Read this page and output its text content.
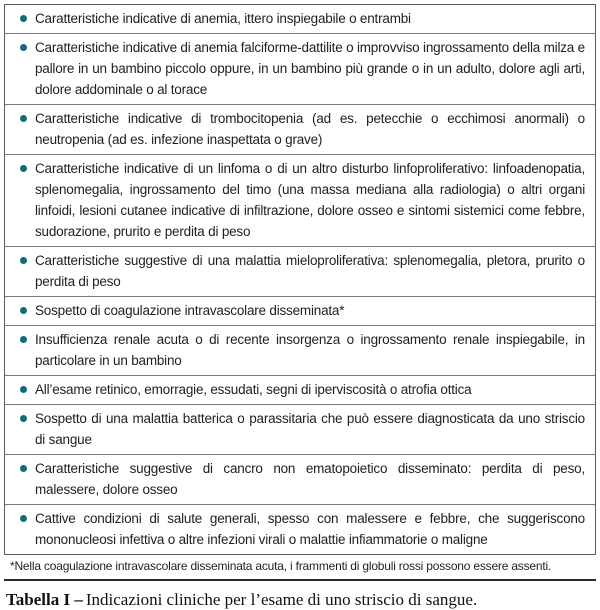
Caratteristiche indicative di anemia, ittero inspiegabile o entrambi
Caratteristiche indicative di anemia falciforme-dattilite o improvviso ingrossamento della milza e pallore in un bambino piccolo oppure, in un bambino più grande o in un adulto, dolore agli arti, dolore addominale o al torace
Caratteristiche indicative di trombocitopenia (ad es. petecchie o ecchimosi anormali) o neutropenia (ad es. infezione inaspettata o grave)
Caratteristiche indicative di un linfoma o di un altro disturbo linfoproliferativo: linfoadenopatia, splenomegalia, ingrossamento del timo (una massa mediana alla radiologia) o altri organi linfoidi, lesioni cutanee indicative di infiltrazione, dolore osseo e sintomi sistemici come febbre, sudorazione, prurito e perdita di peso
Caratteristiche suggestive di una malattia mieloproliferativa: splenomegalia, pletora, prurito o perdita di peso
Sospetto di coagulazione intravascolare disseminata*
Insufficienza renale acuta o di recente insorgenza o ingrossamento renale inspiegabile, in particolare in un bambino
All’esame retinico, emorragie, essudati, segni di iperviscosità o atrofia ottica
Sospetto di una malattia batterica o parassitaria che può essere diagnosticata da uno striscio di sangue
Caratteristiche suggestive di cancro non ematopoietico disseminato: perdita di peso, malessere, dolore osseo
Cattive condizioni di salute generali, spesso con malessere e febbre, che suggeriscono mononucleosi infettiva o altre infezioni virali o malattie infiammatorie o maligne
*Nella coagulazione intravascolare disseminata acuta, i frammenti di globuli rossi possono essere assenti.

Tabella I – Indicazioni cliniche per l’esame di uno striscio di sangue.
